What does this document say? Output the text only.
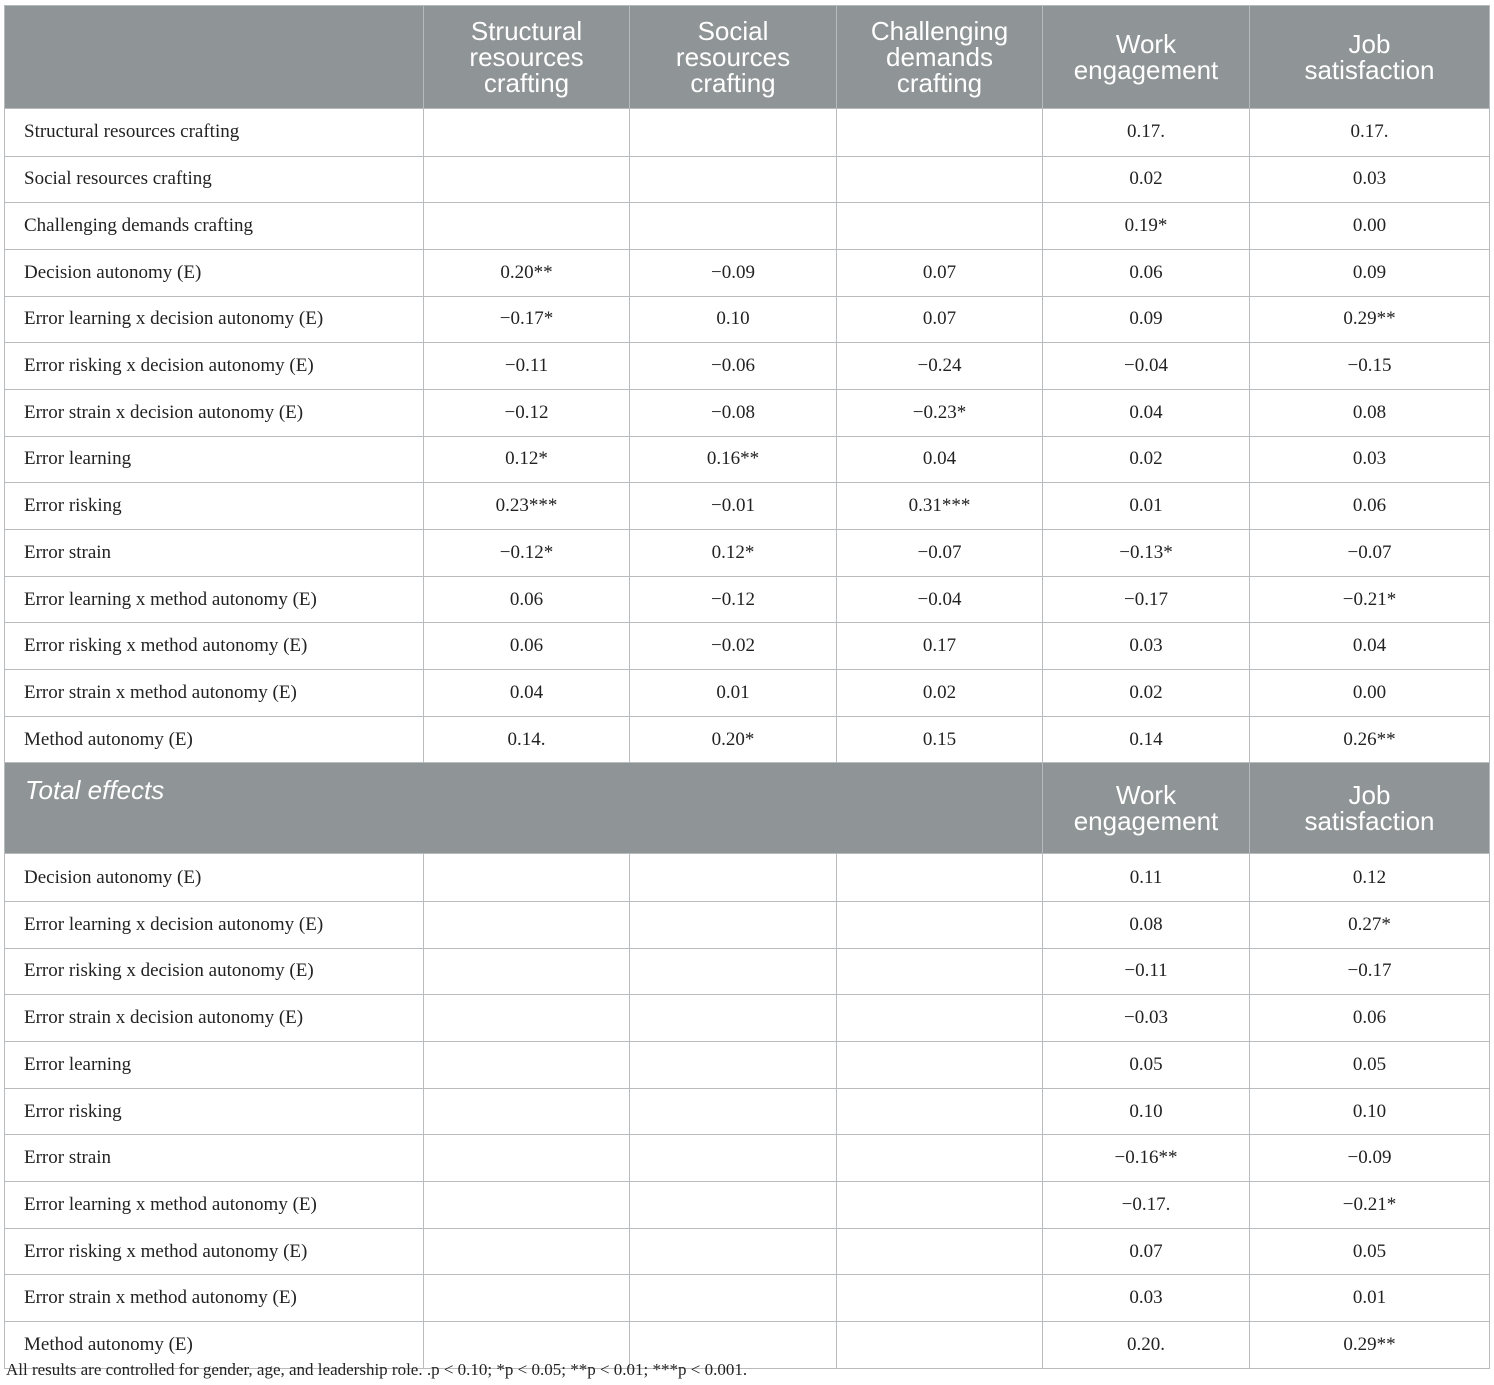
	Structural resources crafting	Social resources crafting	Challenging demands crafting	Work engagement	Job satisfaction
Structural resources crafting				0.17.	0.17.
Social resources crafting				0.02	0.03
Challenging demands crafting				0.19*	0.00
Decision autonomy (E)	0.20**	−0.09	0.07	0.06	0.09
Error learning x decision autonomy (E)	−0.17*	0.10	0.07	0.09	0.29**
Error risking x decision autonomy (E)	−0.11	−0.06	−0.24	−0.04	−0.15
Error strain x decision autonomy (E)	−0.12	−0.08	−0.23*	0.04	0.08
Error learning	0.12*	0.16**	0.04	0.02	0.03
Error risking	0.23***	−0.01	0.31***	0.01	0.06
Error strain	−0.12*	0.12*	−0.07	−0.13*	−0.07
Error learning x method autonomy (E)	0.06	−0.12	−0.04	−0.17	−0.21*
Error risking x method autonomy (E)	0.06	−0.02	0.17	0.03	0.04
Error strain x method autonomy (E)	0.04	0.01	0.02	0.02	0.00
Method autonomy (E)	0.14.	0.20*	0.15	0.14	0.26**
Total effects				Work engagement	Job satisfaction
Decision autonomy (E)				0.11	0.12
Error learning x decision autonomy (E)				0.08	0.27*
Error risking x decision autonomy (E)				−0.11	−0.17
Error strain x decision autonomy (E)				−0.03	0.06
Error learning				0.05	0.05
Error risking				0.10	0.10
Error strain				−0.16**	−0.09
Error learning x method autonomy (E)				−0.17.	−0.21*
Error risking x method autonomy (E)				0.07	0.05
Error strain x method autonomy (E)				0.03	0.01
Method autonomy (E)				0.20.	0.29**
All results are controlled for gender, age, and leadership role. .p < 0.10; *p < 0.05; **p < 0.01; ***p < 0.001.
